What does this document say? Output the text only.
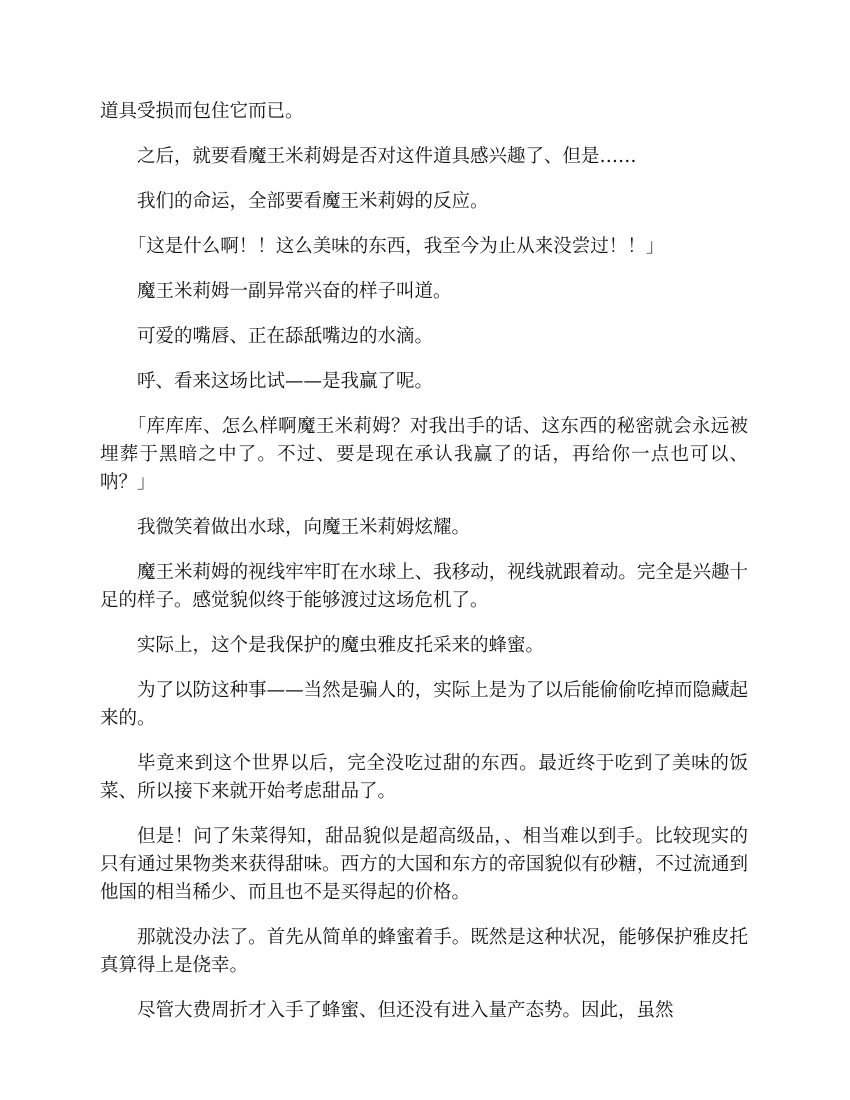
道具受损而包住它而已。

之后，就要看魔王米莉姆是否对这件道具感兴趣了、但是……

我们的命运，全部要看魔王米莉姆的反应。

「这是什么啊！！这么美味的东西，我至今为止从来没尝过！！」

魔王米莉姆一副异常兴奋的样子叫道。

可爱的嘴唇、正在舔舐嘴边的水滴。

呼、看来这场比试——是我赢了呢。

「库库库、怎么样啊魔王米莉姆？对我出手的话、这东西的秘密就会永远被埋葬于黑暗之中了。不过、要是现在承认我赢了的话，再给你一点也可以、呐？」

我微笑着做出水球，向魔王米莉姆炫耀。

魔王米莉姆的视线牢牢盯在水球上、我移动，视线就跟着动。完全是兴趣十足的样子。感觉貌似终于能够渡过这场危机了。

实际上，这个是我保护的魔虫雅皮托采来的蜂蜜。

为了以防这种事——当然是骗人的，实际上是为了以后能偷偷吃掉而隐藏起来的。

毕竟来到这个世界以后，完全没吃过甜的东西。最近终于吃到了美味的饭菜、所以接下来就开始考虑甜品了。

但是！问了朱菜得知，甜品貌似是超高级品，、相当难以到手。比较现实的只有通过果物类来获得甜味。西方的大国和东方的帝国貌似有砂糖，不过流通到他国的相当稀少、而且也不是买得起的价格。

那就没办法了。首先从简单的蜂蜜着手。既然是这种状况，能够保护雅皮托真算得上是侥幸。

尽管大费周折才入手了蜂蜜、但还没有进入量产态势。因此，虽然
